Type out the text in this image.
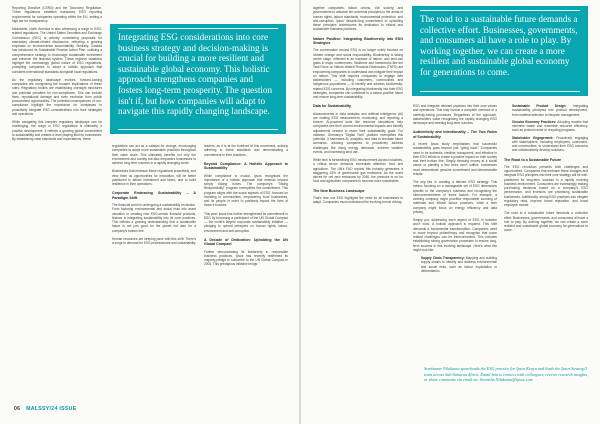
Reporting Directive (CSRD) and the Taxonomy Regulation. These regulations establish mandatory ESG reporting requirements for companies operating within the EU, setting a high bar for transparency.

Meanwhile, North America is also witnessing a surge in ESG-related regulations. The United States Securities and Exchange Commission (SEC) is actively considering proposals for mandatory climate-related disclosures, reflecting a growing emphasis on environmental accountability. Similarly, Canada has introduced its Sustainable Finance Action Plan, outlining a comprehensive strategy to encourage sustainable investment and enhance the financial system. These regional variations highlight the increasingly global nature of ESG regulations, prompting companies to adopt a holistic approach that considers international standards alongside local regulations.

As the regulatory landscape evolves, forward-looking companies are recognising the broader implications of these rules. Regulatory bodies are establishing oversight structures and potential penalties for non-compliance. This can include fines, reputational damage and even exclusion from public procurement opportunities. The potential consequences of non-compliance highlight the importance for companies to proactively integrate ESG considerations into their strategies and operations.

While navigating this complex regulatory landscape can be challenging, the surge in ESG regulations is ultimately a positive development. It reflects a growing global commitment to sustainability and creates a level playing field for businesses. By establishing clear standards and expectations, these

Integrating ESG considerations into core business strategy and decision-making is crucial for building a more resilient and sustainable global economy. This holistic approach strengthens companies and fosters long-term prosperity. The question isn't if, but how companies will adapt to navigate this rapidly changing landscape.

regulations can act as a catalyst for change, encouraging companies to adopt more sustainable practices throughout their value chain. This ultimately benefits not only the environment and society but also empowers businesses to achieve long-term success in a rapidly changing world.

Businesses that embrace these regulations proactively, and view them as opportunities for innovation, will be better positioned to attract investment and talent, and to build resilience in their operations.

Corporate Embracing Sustainability – A Paradigm Shift

The financial world is undergoing a sustainability revolution. From factoring environmental and social risks into asset valuation to creating new ESG-centric financial products, finance is integrating sustainability into its core practices. This reflects a growing understanding that a sustainable future is not just good for the planet but also for a company's bottom line.

Human resources are keeping pace with this shift. There's a surge in demand for ESG professionals and sustainability

leaders, as it is at the forefront of this movement, actively adhering to these standards and demonstrating a commitment to their practices.

Beyond Compliance: A Holistic Approach to Sustainability

While compliance is crucial, Ipsos recognises the importance of a holistic approach that extends beyond simply ticking boxes. The company's "Taking Responsibility" program exemplifies this commitment. This program aligns with the social aspects of ESG, focused on investing in communities, empowering local businesses, and its people in order to positively impact the lives of those it touches.

This year, Ipsos has further strengthened its commitment to ESG by becoming a participant of the UN Global Compact — the world's largest corporate sustainability initiative — pledging to uphold principles on human rights, labour, environment and anti-corruption.

A Decade of Dedication: Upholding the UN Global Compact

Further demonstrating its leadership in responsible business practices, Ipsos has recently reaffirmed its ongoing pledge to subscribe to the UN Global Compact in 2008. This prestigious initiative brings

together companies, labour unions, civil society, and governments to advance ten universal principles in the areas of human rights, labour standards, environmental protection, and anti-corruption. Ipsos' decade-long commitment to upholding these principles underscores its dedication to ethical and sustainable business practices.

Nature Positive: Integrating Biodiversity into ESG Strategies

The conversation around ESG is no longer solely focused on climate change and social responsibility. Biodiversity is taking centre stage, reflected in an increase of nature- and land-use goals in major conferences. Taskforce and frameworks like the Task Force on Nature-related Financial Disclosures (TNFD) are empowering companies to understand and mitigate their impact on nature. This shift requires companies to engage with stakeholders — including customers, communities and indigenous populations — to identify and address biodiversity-related ESG concerns. By integrating biodiversity into their ESG strategies, companies can contribute to a nature-positive future and ensure long-term sustainability.

Data for Sustainability

Advancements in data analytics and artificial intelligence (AI) are making ESG measurement, monitoring, and reporting a breeze. AI-powered tools like resource simulations help companies see their current environmental impacts and identify adjustments needed to reach their sustainability goals. For instance, Germany's "Digital Twin" platform exemplifies this potential. It harnesses AI, analytics, and data to simulate future scenarios, allowing companies to proactively address challenges like rising energy demands, extreme weather events, and increasing land use.

While tech is streamlining ESG measurement across industries, a critical sector demands immediate attention: food and agriculture. The UN's FAO reports this industry generates a staggering 33% of greenhouse gas emissions. As the world strives for net zero emissions by 2050, the pressure is on for food and agriculture companies to become more sustainable.

The New Business Landscape

That's how one ESG highlights the need for all businesses to adapt. Companies must understand the evolving trends driving

The road to a sustainable future demands a collective effort. Businesses, governments, and consumers all have a role to play. By working together, we can create a more resilient and sustainable global economy for generations to come.

ESG and integrate relevant practices into their core values and operations. This may involve a complete overhaul or a carefully-tuning processes. Regardless of the approach, stakeholders value recognising the rapidly changing ESG landscape and meeting long-term success.

Authenticity and Intentionality – The Two Roles of Sustainability

A recent Ipsos study emphasises that successful sustainability goes beyond just "going back". Companies need to be authentic, credible, transparent, and effective in their ESG efforts to create a positive impact on both society and their bottom line. Simply throwing money at a social cause or planting a few trees won't suffice; businesses must demonstrate genuine commitment and demonstrable results.

The key lies in creating a tailored ESG strategy. This means focusing on a manageable set of ESG dimensions specific to the company's business and recognising the interconnectedness of these factors. For example, a clothing company might prioritise responsible sourcing of materials and ethical labour practices, while a tech company might focus on energy efficiency and data privacy.

Simply put, addressing each aspect of ESG in isolation won't work. A holistic approach is required. This shift demands a fundamental transformation. Companies need to move beyond philanthropy and recognise that some related challenges can be interconnected. This includes establishing strong governance processes to ensure long-term success in this evolving landscape. Here's what this might look like:

• Supply Chain Transparency: Mapping and auditing supply chains to identify and address environmental and social risks, such as labour exploitation or deforestation.
• Sustainable Product Design: Integrating sustainability principles into product development, from material selection to lifecycle management.
• Circular Economy Practices: Adopting models that minimise waste and maximise resource efficiency, such as product reuse or recycling programs.
• Stakeholder Engagement: Proactively engaging with stakeholders, including employees, customers, and communities, to understand their ESG concerns and collaboratively develop solutions.
The Road to a Sustainable Future

The ESG revolution presents both challenges and opportunities. Companies that embrace these changes and integrate ESG principles into their core strategy will be well-positioned for long-term success in a rapidly evolving business environment. Consumers are increasingly making purchasing decisions based on a company's ESG performance, and investors are prioritising sustainable businesses. Additionally, strong ESG practices can mitigate regulatory risks, improve brand reputation, and boost employee morale.

The road to a sustainable future demands a collective effort. Businesses, governments, and consumers all have a role to play. By working together, we can create a more resilient and sustainable global economy for generations to come.

Sreekumar Nilakanta spearheads the ESG practice for Ipsos Kenya and leads the Ipsos Strategy3 team across Sub-Saharan Africa. Email him to connect with colleagues, receive research insights, or share comments via email on: Sreeatha.Nilakanta@ipsos.com
06 MALSSY/24 ISSUE
